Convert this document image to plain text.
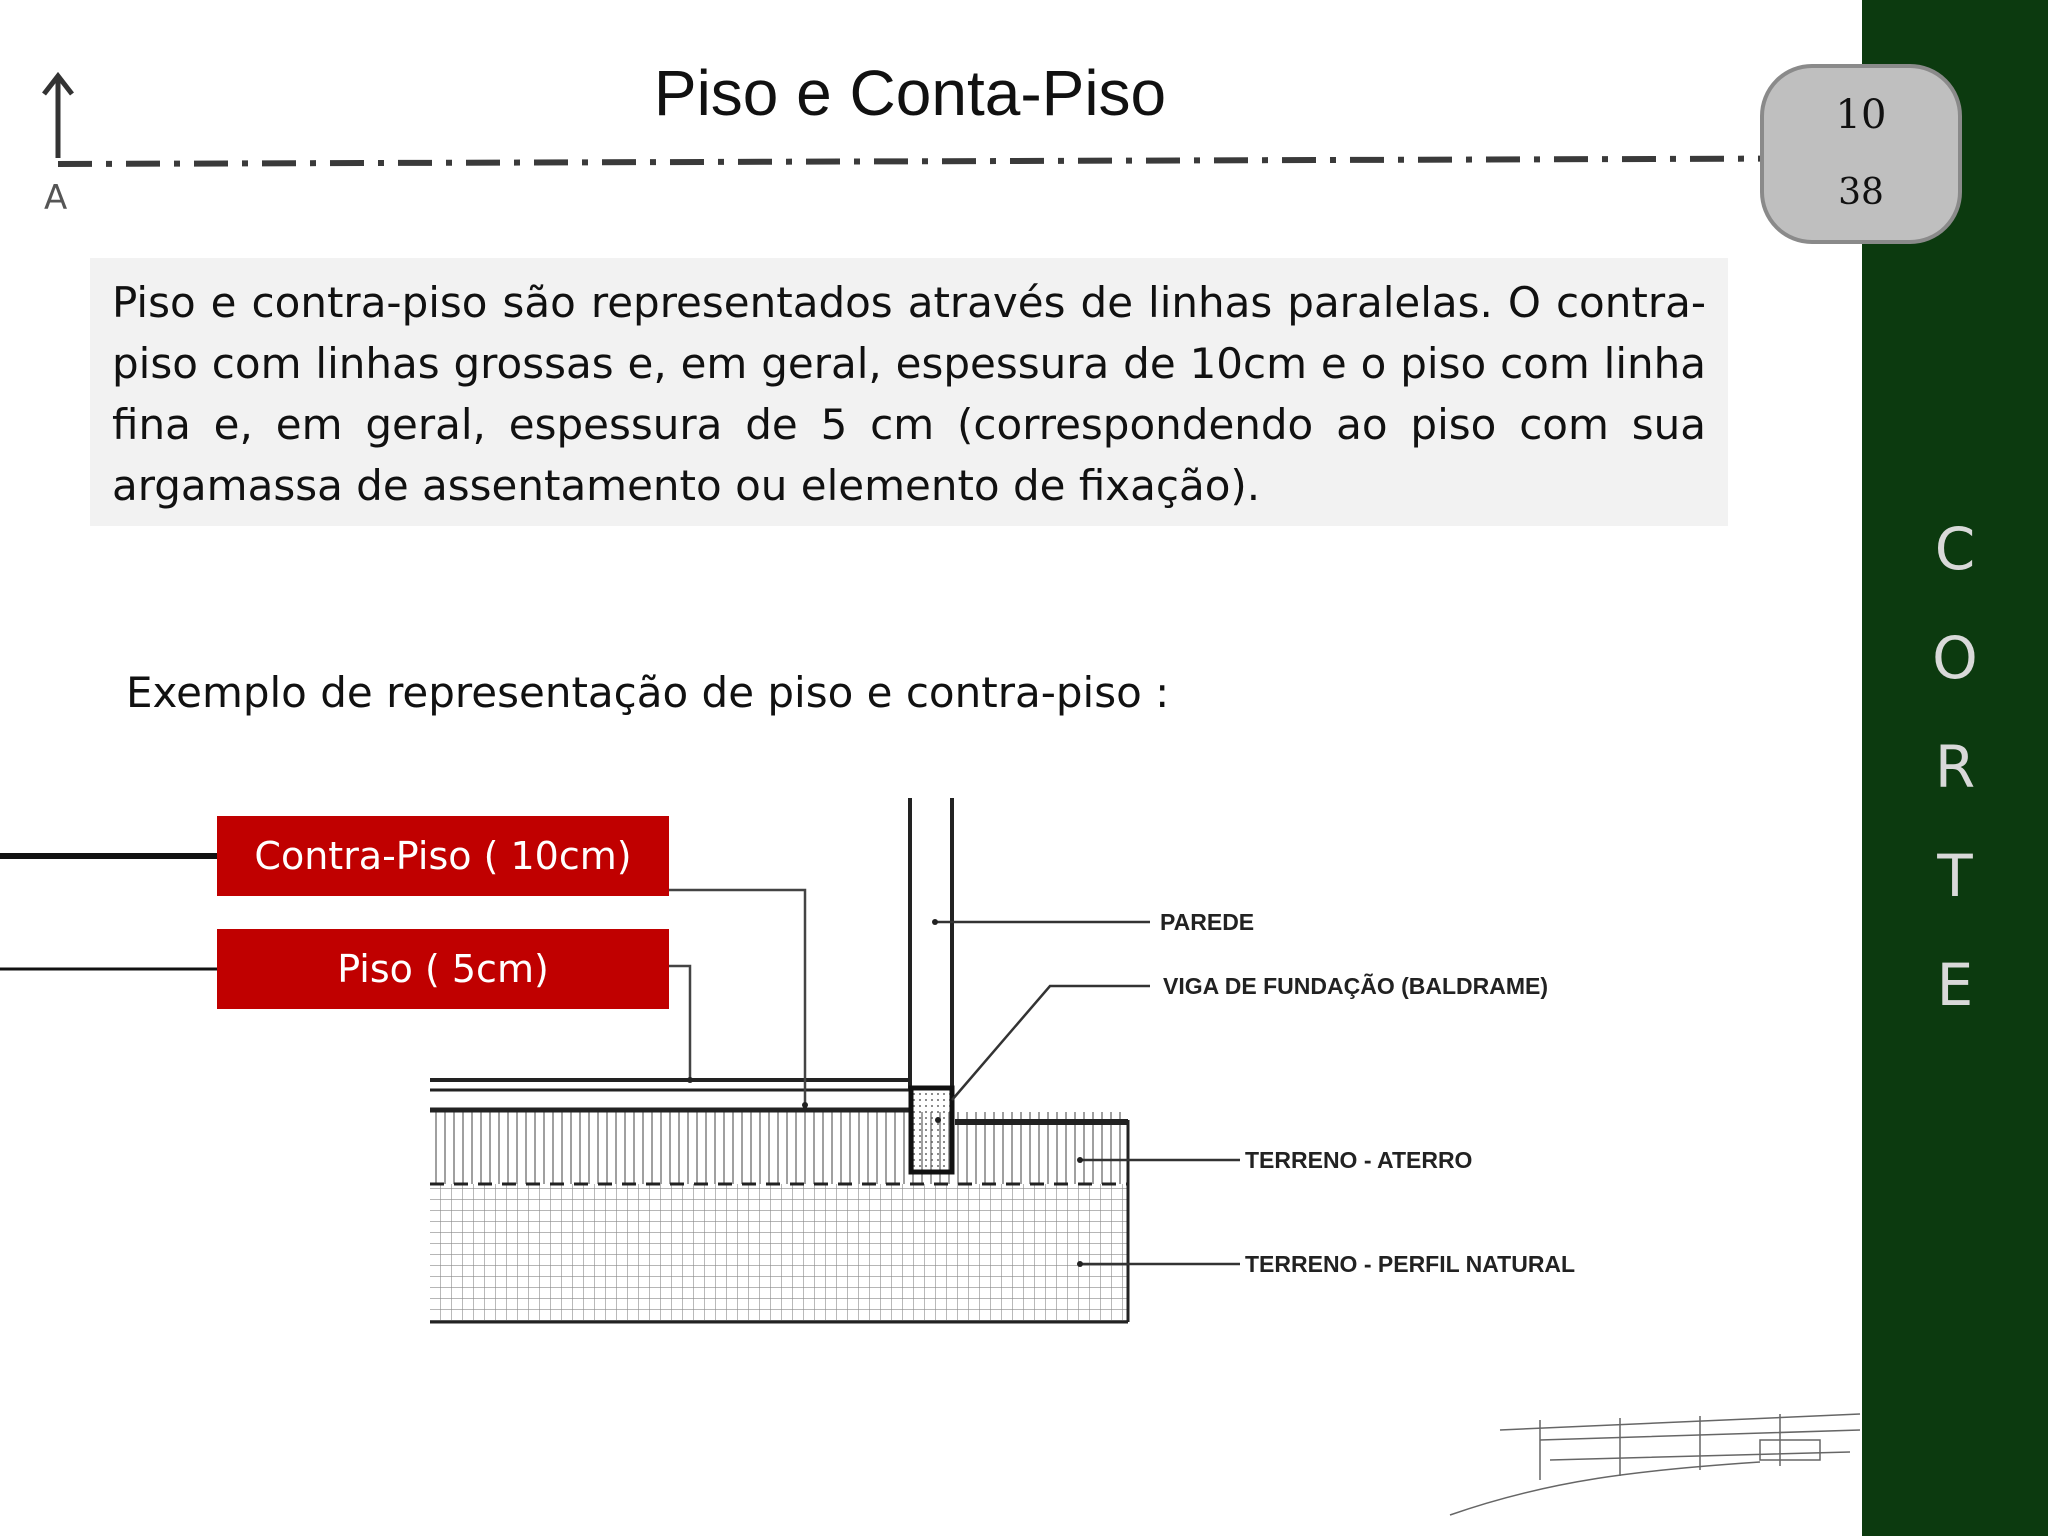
C
O
R
T
E
A
Piso e Conta-Piso	10
38

Piso e contra-piso são representados através de linhas paralelas. O contra-piso com linhas grossas e, em geral, espessura de 10cm e o piso com linha fina e, em geral, espessura de 5 cm (correspondendo ao piso com sua argamassa de assentamento ou elemento de fixação).

Exemplo de representação de piso e contra-piso :
PAREDE
VIGA DE FUNDAÇÃO (BALDRAME)
TERRENO - ATERRO
TERRENO - PERFIL NATURAL
Contra-Piso ( 10cm)
Piso ( 5cm)
